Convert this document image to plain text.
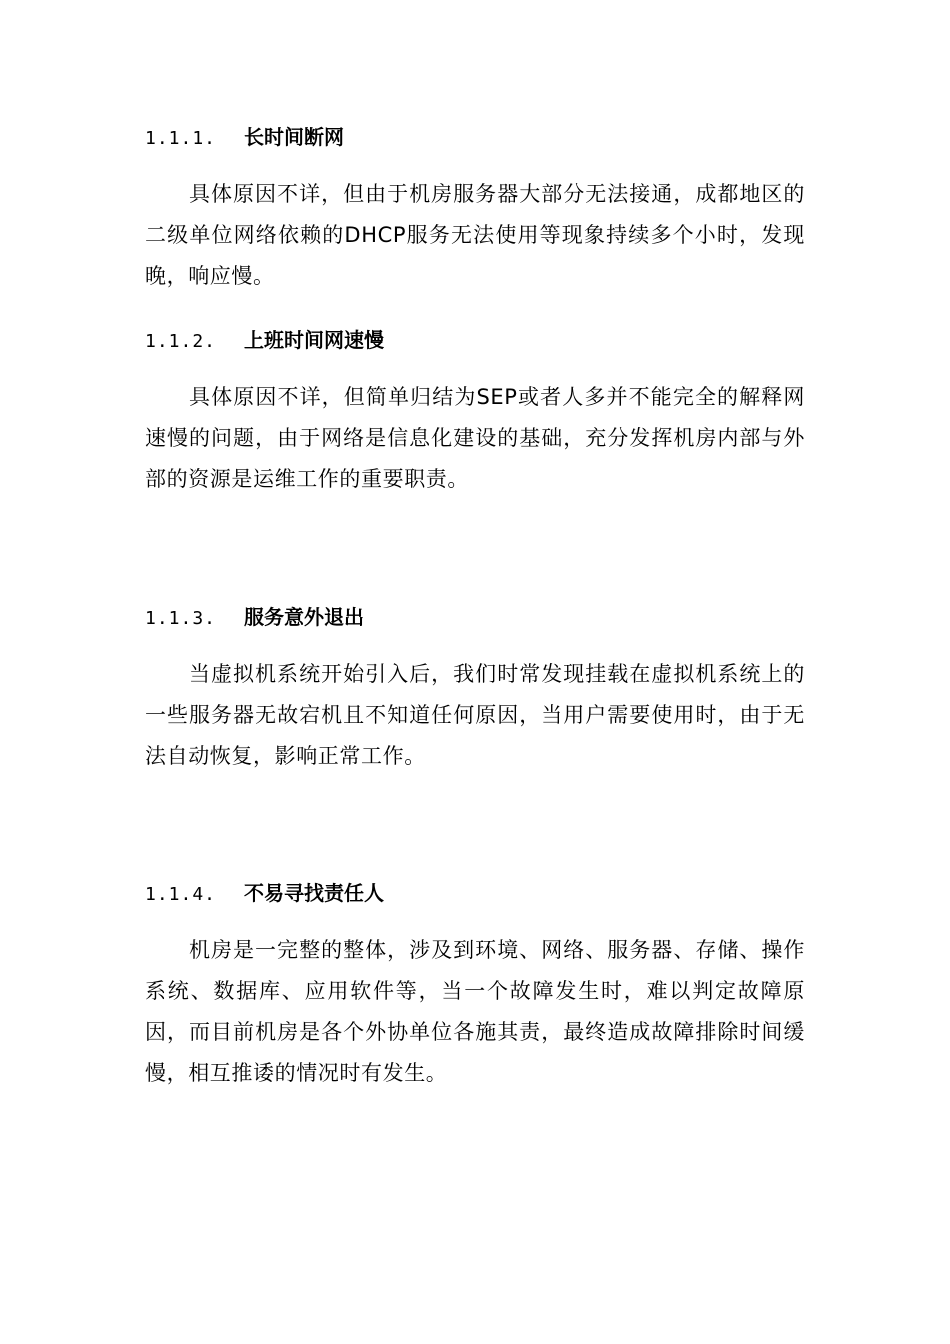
1.1.1. 长时间断网
具体原因不详，但由于机房服务器大部分无法接通，成都地区的二级单位网络依赖的DHCP服务无法使用等现象持续多个小时，发现晚，响应慢。
1.1.2. 上班时间网速慢
具体原因不详，但简单归结为SEP或者人多并不能完全的解释网速慢的问题，由于网络是信息化建设的基础，充分发挥机房内部与外部的资源是运维工作的重要职责。
1.1.3. 服务意外退出
当虚拟机系统开始引入后，我们时常发现挂载在虚拟机系统上的一些服务器无故宕机且不知道任何原因，当用户需要使用时，由于无法自动恢复，影响正常工作。
1.1.4. 不易寻找责任人
机房是一完整的整体，涉及到环境、网络、服务器、存储、操作系统、数据库、应用软件等，当一个故障发生时，难以判定故障原因，而目前机房是各个外协单位各施其责，最终造成故障排除时间缓慢，相互推诿的情况时有发生。
